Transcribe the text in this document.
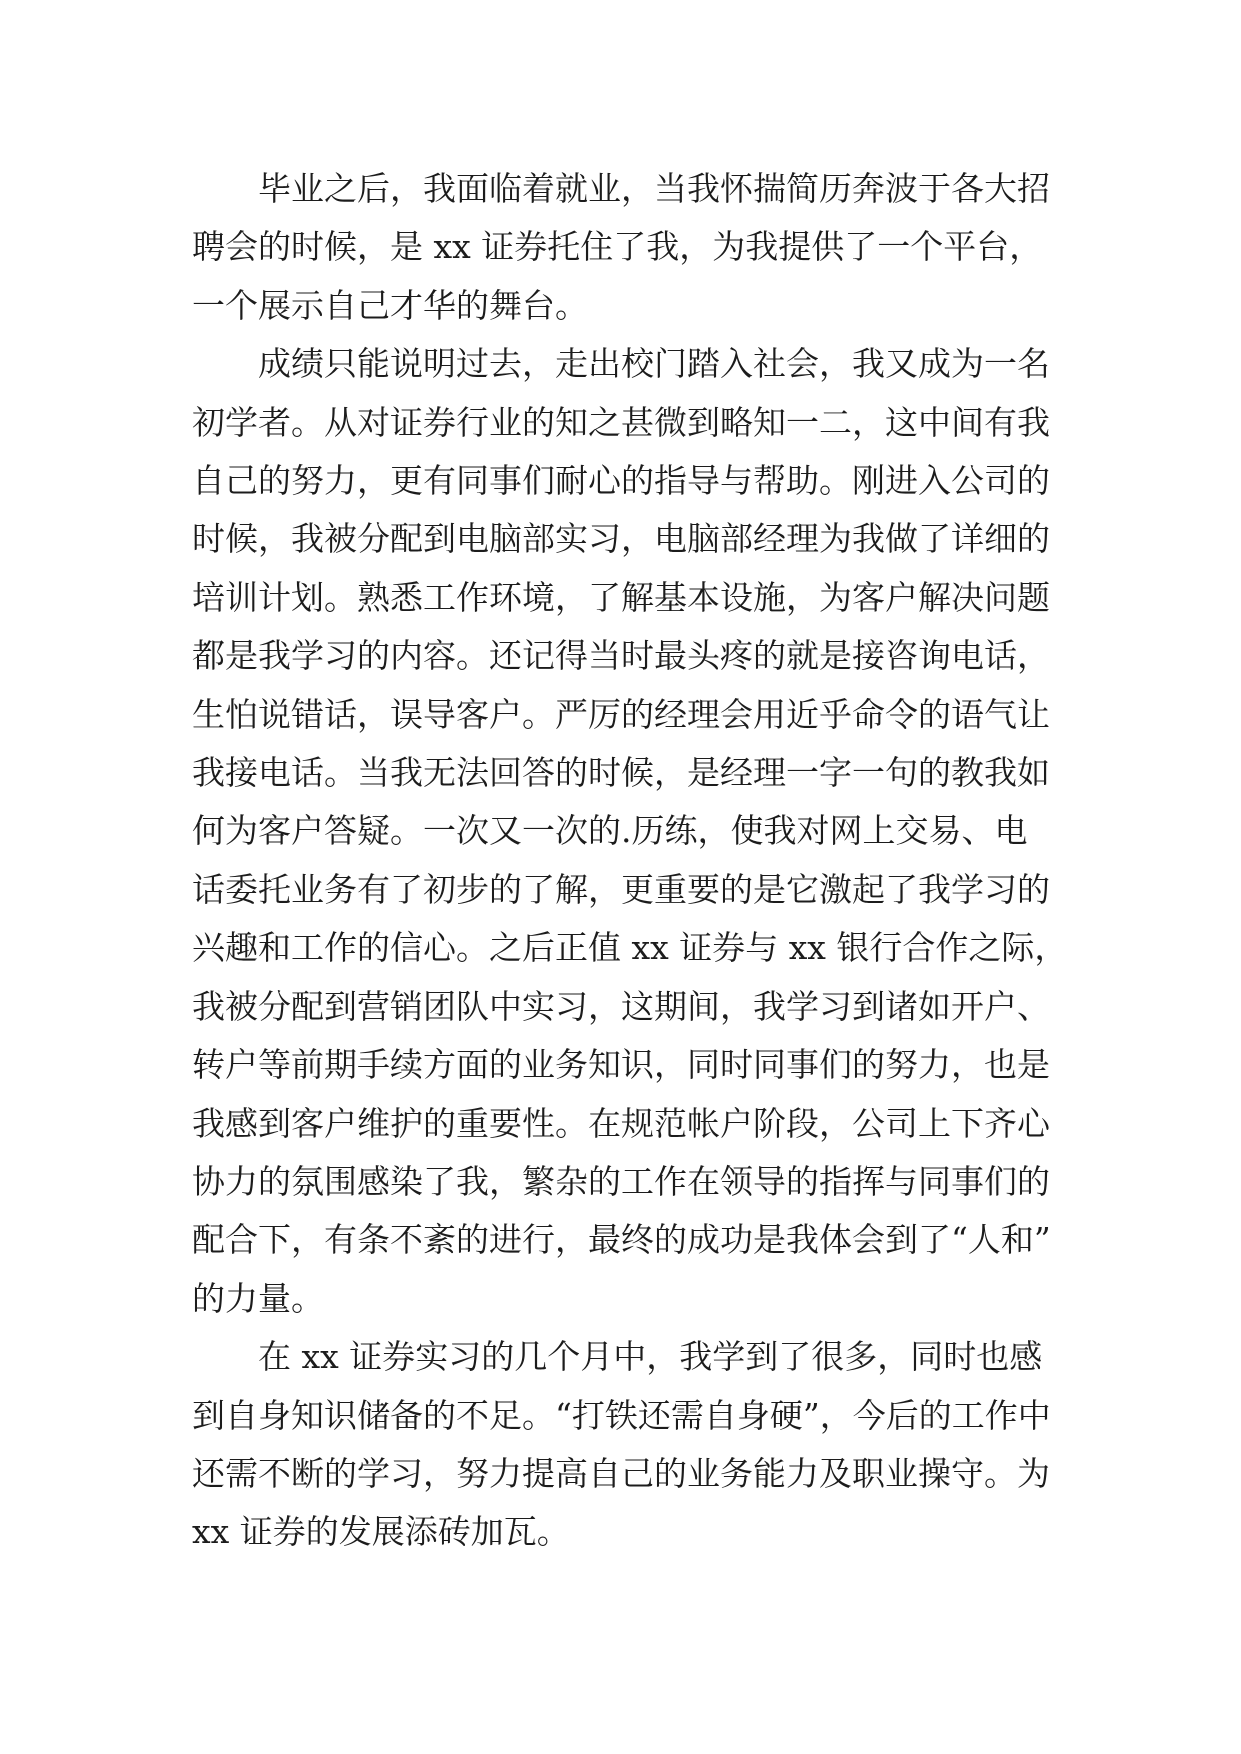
毕业之后，我面临着就业，当我怀揣简历奔波于各大招
聘会的时候，是 xx 证券托住了我，为我提供了一个平台，
一个展示自己才华的舞台。

成绩只能说明过去，走出校门踏入社会，我又成为一名
初学者。从对证券行业的知之甚微到略知一二，这中间有我
自己的努力，更有同事们耐心的指导与帮助。刚进入公司的
时候，我被分配到电脑部实习，电脑部经理为我做了详细的
培训计划。熟悉工作环境，了解基本设施，为客户解决问题
都是我学习的内容。还记得当时最头疼的就是接咨询电话，
生怕说错话，误导客户。严厉的经理会用近乎命令的语气让
我接电话。当我无法回答的时候，是经理一字一句的教我如
何为客户答疑。一次又一次的.历练，使我对网上交易、电
话委托业务有了初步的了解，更重要的是它激起了我学习的
兴趣和工作的信心。之后正值 xx 证券与 xx 银行合作之际，
我被分配到营销团队中实习，这期间，我学习到诸如开户、
转户等前期手续方面的业务知识，同时同事们的努力，也是
我感到客户维护的重要性。在规范帐户阶段，公司上下齐心
协力的氛围感染了我，繁杂的工作在领导的指挥与同事们的
配合下，有条不紊的进行，最终的成功是我体会到了“人和”
的力量。

在 xx 证券实习的几个月中，我学到了很多，同时也感
到自身知识储备的不足。“打铁还需自身硬”，今后的工作中
还需不断的学习，努力提高自己的业务能力及职业操守。为
xx 证券的发展添砖加瓦。
